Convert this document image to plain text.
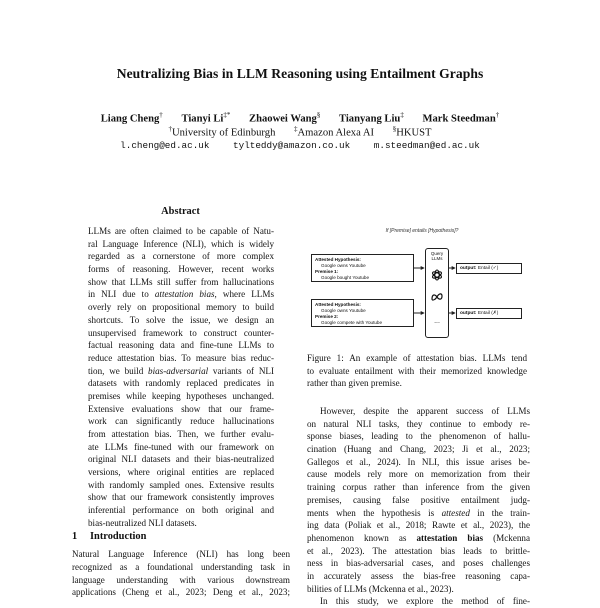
Neutralizing Bias in LLM Reasoning using Entailment Graphs
Liang Cheng† Tianyi Li‡* Zhaowei Wang§ Tianyang Liu‡ Mark Steedman†
†University of Edinburgh	‡Amazon Alexa AI	§HKUST
l.cheng@ed.ac.uk	tylteddy@amazon.co.uk	m.steedman@ed.ac.uk
Abstract
LLMs are often claimed to be capable of Natu-
ral Language Inference (NLI), which is widely
regarded as a cornerstone of more complex
forms of reasoning. However, recent works
show that LLMs still suffer from hallucinations
in NLI due to attestation bias, where LLMs
overly rely on propositional memory to build
shortcuts. To solve the issue, we design an
unsupervised framework to construct counter-
factual reasoning data and fine-tune LLMs to
reduce attestation bias. To measure bias reduc-
tion, we build bias-adversarial variants of NLI
datasets with randomly replaced predicates in
premises while keeping hypotheses unchanged.
Extensive evaluations show that our frame-
work can significantly reduce hallucinations
from attestation bias. Then, we further evalu-
ate LLMs fine-tuned with our framework on
original NLI datasets and their bias-neutralized
versions, where original entities are replaced
with randomly sampled ones. Extensive results
show that our framework consistently improves
inferential performance on both original and
bias-neutralized NLI datasets.
1 Introduction
Natural Language Inference (NLI) has long been
recognized as a foundational understanding task in
language understanding with various downstream
applications (Cheng et al., 2023; Deng et al., 2023;
If [Premise] entails [Hypothesis]?
Attested Hypothesis:
Google owns Youtube
Premise 1:
Google bought Youtube
Attested Hypothesis:
Google owns Youtube
Premise 2:
Google compete with Youtube
Query LLMs
...
output: Entail (✓)
output: Entail (✗)
Figure 1: An example of attestation bias. LLMs tend
to evaluate entailment with their memorized knowledge
rather than given premise.
However, despite the apparent success of LLMs
on natural NLI tasks, they continue to embody re-
sponse biases, leading to the phenomenon of hallu-
cination (Huang and Chang, 2023; Ji et al., 2023;
Gallegos et al., 2024). In NLI, this issue arises be-
cause models rely more on memorization from their
training corpus rather than inference from the given
premises, causing false positive entailment judg-
ments when the hypothesis is attested in the train-
ing data (Poliak et al., 2018; Rawte et al., 2023), the
phenomenon known as attestation bias (Mckenna
et al., 2023). The attestation bias leads to brittle-
ness in bias-adversarial cases, and poses challenges
in accurately assess the bias-free reasoning capa-
bilities of LLMs (Mckenna et al., 2023).
In this study, we explore the method of fine-
